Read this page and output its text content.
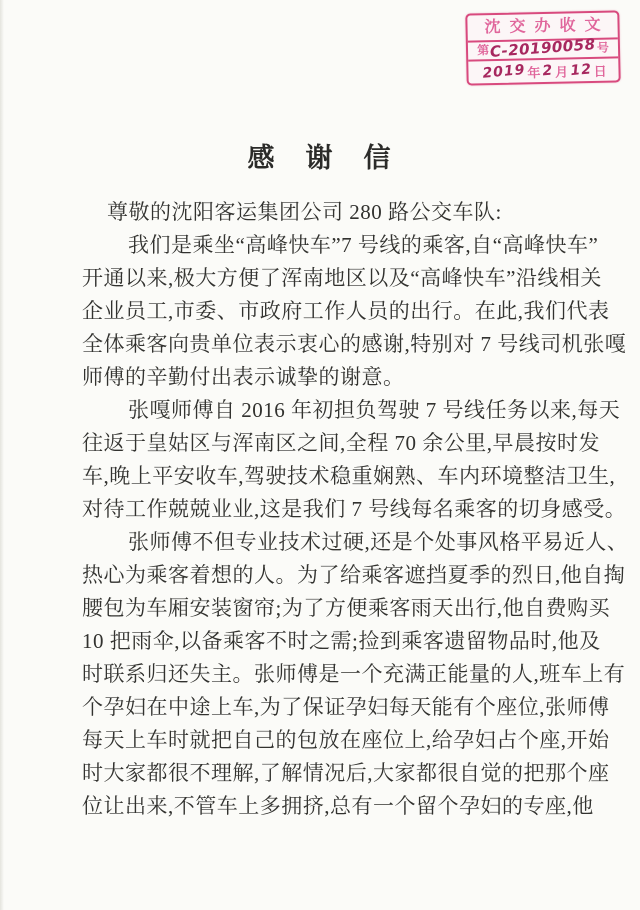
沈交办收文
第 C-20190058 号
2019 年 2 月 12 日
感　谢　信
尊敬的沈阳客运集团公司 280 路公交车队:
我们是乘坐“高峰快车”7 号线的乘客,自“高峰快车”
开通以来,极大方便了浑南地区以及“高峰快车”沿线相关
企业员工,市委、市政府工作人员的出行。在此,我们代表
全体乘客向贵单位表示衷心的感谢,特别对 7 号线司机张嘎
师傅的辛勤付出表示诚挚的谢意。
张嘎师傅自 2016 年初担负驾驶 7 号线任务以来,每天
往返于皇姑区与浑南区之间,全程 70 余公里,早晨按时发
车,晚上平安收车,驾驶技术稳重娴熟、车内环境整洁卫生,
对待工作兢兢业业,这是我们 7 号线每名乘客的切身感受。
张师傅不但专业技术过硬,还是个处事风格平易近人、
热心为乘客着想的人。为了给乘客遮挡夏季的烈日,他自掏
腰包为车厢安装窗帘;为了方便乘客雨天出行,他自费购买
10 把雨伞,以备乘客不时之需;捡到乘客遗留物品时,他及
时联系归还失主。张师傅是一个充满正能量的人,班车上有
个孕妇在中途上车,为了保证孕妇每天能有个座位,张师傅
每天上车时就把自己的包放在座位上,给孕妇占个座,开始
时大家都很不理解,了解情况后,大家都很自觉的把那个座
位让出来,不管车上多拥挤,总有一个留个孕妇的专座,他
